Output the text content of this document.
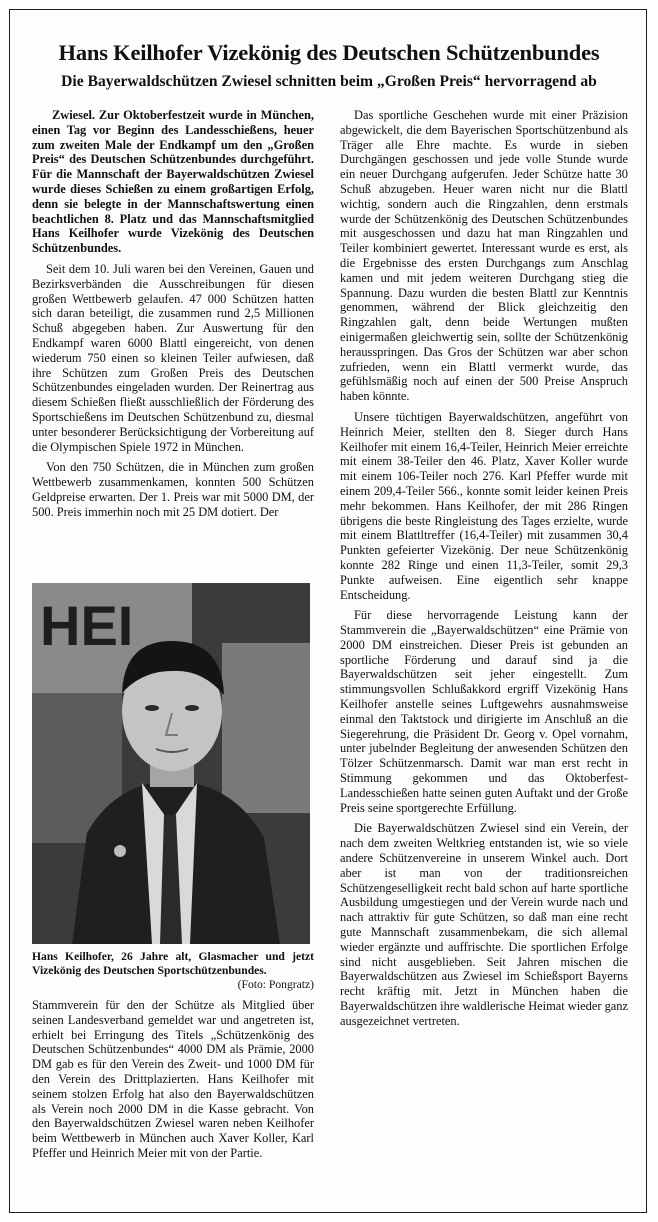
Hans Keilhofer Vizekönig des Deutschen Schützenbundes
Die Bayerwaldschützen Zwiesel schnitten beim „Großen Preis“ hervorragend ab

Zwiesel. Zur Oktoberfestzeit wurde in München, einen Tag vor Beginn des Landesschießens, heuer zum zweiten Male der Endkampf um den „Großen Preis“ des Deutschen Schützenbundes durchgeführt. Für die Mannschaft der Bayerwaldschützen Zwiesel wurde dieses Schießen zu einem großartigen Erfolg, denn sie belegte in der Mannschaftswertung einen beachtlichen 8. Platz und das Mannschaftsmitglied Hans Keilhofer wurde Vizekönig des Deutschen Schützenbundes.

Seit dem 10. Juli waren bei den Vereinen, Gauen und Bezirksverbänden die Ausschreibungen für diesen großen Wettbewerb gelaufen. 47 000 Schützen hatten sich daran beteiligt, die zusammen rund 2,5 Millionen Schuß abgegeben haben. Zur Auswertung für den Endkampf waren 6000 Blattl eingereicht, von denen wiederum 750 einen so kleinen Teiler aufwiesen, daß ihre Schützen zum Großen Preis des Deutschen Schützenbundes eingeladen wurden. Der Reinertrag aus diesem Schießen fließt ausschließlich der Förderung des Sportschießens im Deutschen Schützenbund zu, diesmal unter besonderer Berücksichtigung der Vorbereitung auf die Olympischen Spiele 1972 in München.

Von den 750 Schützen, die in München zum großen Wettbewerb zusammenkamen, konnten 500 Schützen Geldpreise erwarten. Der 1. Preis war mit 5000 DM, der 500. Preis immerhin noch mit 25 DM dotiert. Der

HEI
Hans Keilhofer, 26 Jahre alt, Glasmacher und jetzt Vizekönig des Deutschen Sportschützenbundes.
(Foto: Pongratz)

Stammverein für den der Schütze als Mitglied über seinen Landesverband gemeldet war und angetreten ist, erhielt bei Erringung des Titels „Schützenkönig des Deutschen Schützenbundes“ 4000 DM als Prämie, 2000 DM gab es für den Verein des Zweit- und 1000 DM für den Verein des Drittplazierten. Hans Keilhofer mit seinem stolzen Erfolg hat also den Bayerwaldschützen als Verein noch 2000 DM in die Kasse gebracht. Von den Bayerwaldschützen Zwiesel waren neben Keilhofer beim Wettbewerb in München auch Xaver Koller, Karl Pfeffer und Heinrich Meier mit von der Partie.

Das sportliche Geschehen wurde mit einer Präzision abgewickelt, die dem Bayerischen Sportschützenbund als Träger alle Ehre machte. Es wurde in sieben Durchgängen geschossen und jede volle Stunde wurde ein neuer Durchgang aufgerufen. Jeder Schütze hatte 30 Schuß abzugeben. Heuer waren nicht nur die Blattl wichtig, sondern auch die Ringzahlen, denn erstmals wurde der Schützenkönig des Deutschen Schützenbundes mit ausgeschossen und dazu hat man Ringzahlen und Teiler kombiniert gewertet. Interessant wurde es erst, als die Ergebnisse des ersten Durchgangs zum Anschlag kamen und mit jedem weiteren Durchgang stieg die Spannung. Dazu wurden die besten Blattl zur Kenntnis genommen, während der Blick gleichzeitig den Ringzahlen galt, denn beide Wertungen mußten einigermaßen gleichwertig sein, sollte der Schützenkönig herausspringen. Das Gros der Schützen war aber schon zufrieden, wenn ein Blattl vermerkt wurde, das gefühlsmäßig noch auf einen der 500 Preise Anspruch haben könnte.

Unsere tüchtigen Bayerwaldschützen, angeführt von Heinrich Meier, stellten den 8. Sieger durch Hans Keilhofer mit einem 16,4-Teiler, Heinrich Meier erreichte mit einem 38-Teiler den 46. Platz, Xaver Koller wurde mit einem 106-Teiler noch 276. Karl Pfeffer wurde mit einem 209,4-Teiler 566., konnte somit leider keinen Preis mehr bekommen. Hans Keilhofer, der mit 286 Ringen übrigens die beste Ringleistung des Tages erzielte, wurde mit einem Blattltreffer (16,4-Teiler) mit zusammen 30,4 Punkten gefeierter Vizekönig. Der neue Schützenkönig konnte 282 Ringe und einen 11,3-Teiler, somit 29,3 Punkte aufweisen. Eine eigentlich sehr knappe Entscheidung.

Für diese hervorragende Leistung kann der Stammverein die „Bayerwaldschützen“ eine Prämie von 2000 DM einstreichen. Dieser Preis ist gebunden an sportliche Förderung und darauf sind ja die Bayerwaldschützen seit jeher eingestellt. Zum stimmungsvollen Schlußakkord ergriff Vizekönig Hans Keilhofer anstelle seines Luftgewehrs ausnahmsweise einmal den Taktstock und dirigierte im Anschluß an die Siegerehrung, die Präsident Dr. Georg v. Opel vornahm, unter jubelnder Begleitung der anwesenden Schützen den Tölzer Schützenmarsch. Damit war man erst recht in Stimmung gekommen und das Oktoberfest-Landesschießen hatte seinen guten Auftakt und der Große Preis seine sportgerechte Erfüllung.

Die Bayerwaldschützen Zwiesel sind ein Verein, der nach dem zweiten Weltkrieg entstanden ist, wie so viele andere Schützenvereine in unserem Winkel auch. Dort aber ist man von der traditionsreichen Schützengeselligkeit recht bald schon auf harte sportliche Ausbildung umgestiegen und der Verein wurde nach und nach attraktiv für gute Schützen, so daß man eine recht gute Mannschaft zusammenbekam, die sich allemal wieder ergänzte und auffrischte. Die sportlichen Erfolge sind nicht ausgeblieben. Seit Jahren mischen die Bayerwaldschützen aus Zwiesel im Schießsport Bayerns recht kräftig mit. Jetzt in München haben die Bayerwaldschützen ihre waldlerische Heimat wieder ganz ausgezeichnet vertreten.
